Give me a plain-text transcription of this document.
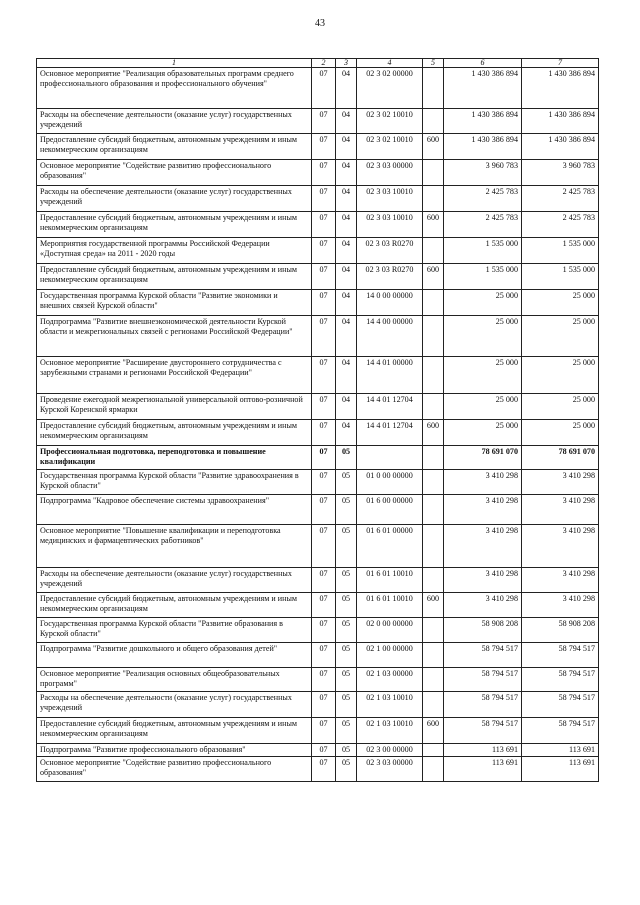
43
1	2	3	4	5	6	7
Основное мероприятие "Реализация образовательных программ среднего профессионального образования и профессионального обучения"	07	04	02 3 02 00000		1 430 386 894	1 430 386 894
Расходы на обеспечение деятельности (оказание услуг) государственных учреждений	07	04	02 3 02 10010		1 430 386 894	1 430 386 894
Предоставление субсидий бюджетным, автономным учреждениям и иным некоммерческим организациям	07	04	02 3 02 10010	600	1 430 386 894	1 430 386 894
Основное мероприятие "Содействие развитию профессионального образования"	07	04	02 3 03 00000		3 960 783	3 960 783
Расходы на обеспечение деятельности (оказание услуг) государственных учреждений	07	04	02 3 03 10010		2 425 783	2 425 783
Предоставление субсидий бюджетным, автономным учреждениям и иным некоммерческим организациям	07	04	02 3 03 10010	600	2 425 783	2 425 783
Мероприятия государственной программы Российской Федерации «Доступная среда» на 2011 - 2020 годы	07	04	02 3 03 R0270		1 535 000	1 535 000
Предоставление субсидий бюджетным, автономным учреждениям и иным некоммерческим организациям	07	04	02 3 03 R0270	600	1 535 000	1 535 000
Государственная программа Курской области "Развитие экономики и внешних связей Курской области"	07	04	14 0 00 00000		25 000	25 000
Подпрограмма "Развитие внешнеэкономической деятельности Курской области и межрегиональных связей с регионами Российской Федерации"	07	04	14 4 00 00000		25 000	25 000
Основное мероприятие "Расширение двустороннего сотрудничества с зарубежными странами и регионами Российской Федерации"	07	04	14 4 01 00000		25 000	25 000
Проведение ежегодной межрегиональной универсальной оптово-розничной Курской Коренской ярмарки	07	04	14 4 01 12704		25 000	25 000
Предоставление субсидий бюджетным, автономным учреждениям и иным некоммерческим организациям	07	04	14 4 01 12704	600	25 000	25 000
Профессиональная подготовка, переподготовка и повышение квалификации	07	05			78 691 070	78 691 070
Государственная программа Курской области "Развитие здравоохранения в Курской области"	07	05	01 0 00 00000		3 410 298	3 410 298
Подпрограмма "Кадровое обеспечение системы здравоохранения"	07	05	01 6 00 00000		3 410 298	3 410 298
Основное мероприятие "Повышение квалификации и переподготовка медицинских и фармацевтических работников"	07	05	01 6 01 00000		3 410 298	3 410 298
Расходы на обеспечение деятельности (оказание услуг) государственных учреждений	07	05	01 6 01 10010		3 410 298	3 410 298
Предоставление субсидий бюджетным, автономным учреждениям и иным некоммерческим организациям	07	05	01 6 01 10010	600	3 410 298	3 410 298
Государственная программа Курской области "Развитие образования в Курской области"	07	05	02 0 00 00000		58 908 208	58 908 208
Подпрограмма "Развитие дошкольного и общего образования детей"	07	05	02 1 00 00000		58 794 517	58 794 517
Основное мероприятие "Реализация основных общеобразовательных программ"	07	05	02 1 03 00000		58 794 517	58 794 517
Расходы на обеспечение деятельности (оказание услуг) государственных учреждений	07	05	02 1 03 10010		58 794 517	58 794 517
Предоставление субсидий бюджетным, автономным учреждениям и иным некоммерческим организациям	07	05	02 1 03 10010	600	58 794 517	58 794 517
Подпрограмма "Развитие профессионального образования"	07	05	02 3 00 00000		113 691	113 691
Основное мероприятие "Содействие развитию профессионального образования"	07	05	02 3 03 00000		113 691	113 691
